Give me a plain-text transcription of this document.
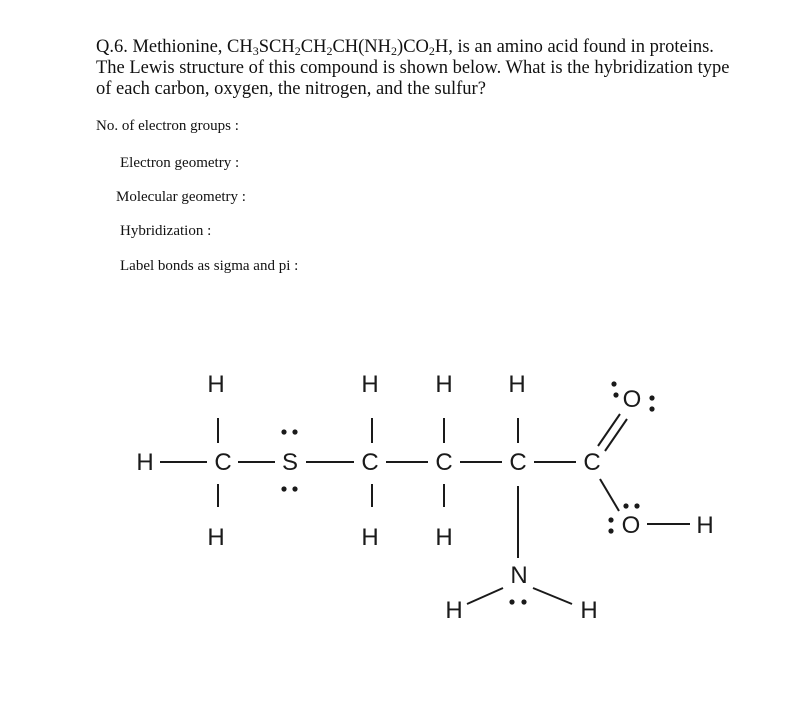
Q.6. Methionine, $CH_3SCH_2CH_2CH(NH_2)CO_2H$, is an amino acid found in proteins. The Lewis structure of this compound is shown below. What is the hybridization type of each carbon, oxygen, the nitrogen, and the sulfur?
No. of electron groups :
Electron geometry :
Molecular geometry :
Hybridization :
Label bonds as sigma and pi :
H	C
H
H
S	C
H
H
C
H
H
C
H
N
H	H
C
O
O H
